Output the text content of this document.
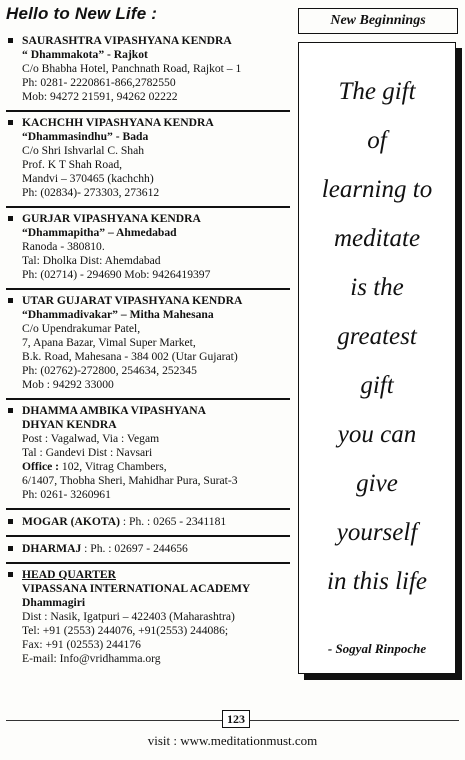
Hello to New Life :
SAURASHTRA VIPASHYANA KENDRA
“ Dhammakota” - Rajkot
C/o Bhabha Hotel, Panchnath Road, Rajkot – 1
Ph: 0281- 2220861-866,2782550
Mob: 94272 21591, 94262 02222
KACHCHH VIPASHYANA KENDRA
“Dhammasindhu” - Bada
C/o Shri Ishvarlal C. Shah
Prof. K T Shah Road,
Mandvi – 370465 (kachchh)
Ph: (02834)- 273303, 273612
GURJAR VIPASHYANA KENDRA
“Dhammapitha” – Ahmedabad
Ranoda - 380810.
Tal: Dholka Dist: Ahemdabad
Ph: (02714) - 294690 Mob: 9426419397
UTAR GUJARAT VIPASHYANA KENDRA
“Dhammadivakar” – Mitha Mahesana
C/o Upendrakumar Patel,
7, Apana Bazar, Vimal Super Market,
B.k. Road, Mahesana - 384 002 (Utar Gujarat)
Ph: (02762)-272800, 254634, 252345
Mob : 94292 33000
DHAMMA AMBIKA VIPASHYANA
DHYAN KENDRA
Post : Vagalwad, Via : Vegam
Tal : Gandevi Dist : Navsari
Office : 102, Vitrag Chambers,
6/1407, Thobha Sheri, Mahidhar Pura, Surat-3
Ph: 0261- 3260961
MOGAR (AKOTA) : Ph. : 0265 - 2341181
DHARMAJ : Ph. : 02697 - 244656
HEAD QUARTER
VIPASSANA INTERNATIONAL ACADEMY
Dhammagiri
Dist : Nasik, Igatpuri – 422403 (Maharashtra)
Tel: +91 (2553) 244076, +91(2553) 244086;
Fax: +91 (02553) 244176
E-mail: Info@vridhamma.org
New Beginnings
The gift
of
learning to
meditate
is the
greatest
gift
you can
give
yourself
in this life
- Sogyal Rinpoche
123
visit : www.meditationmust.com
